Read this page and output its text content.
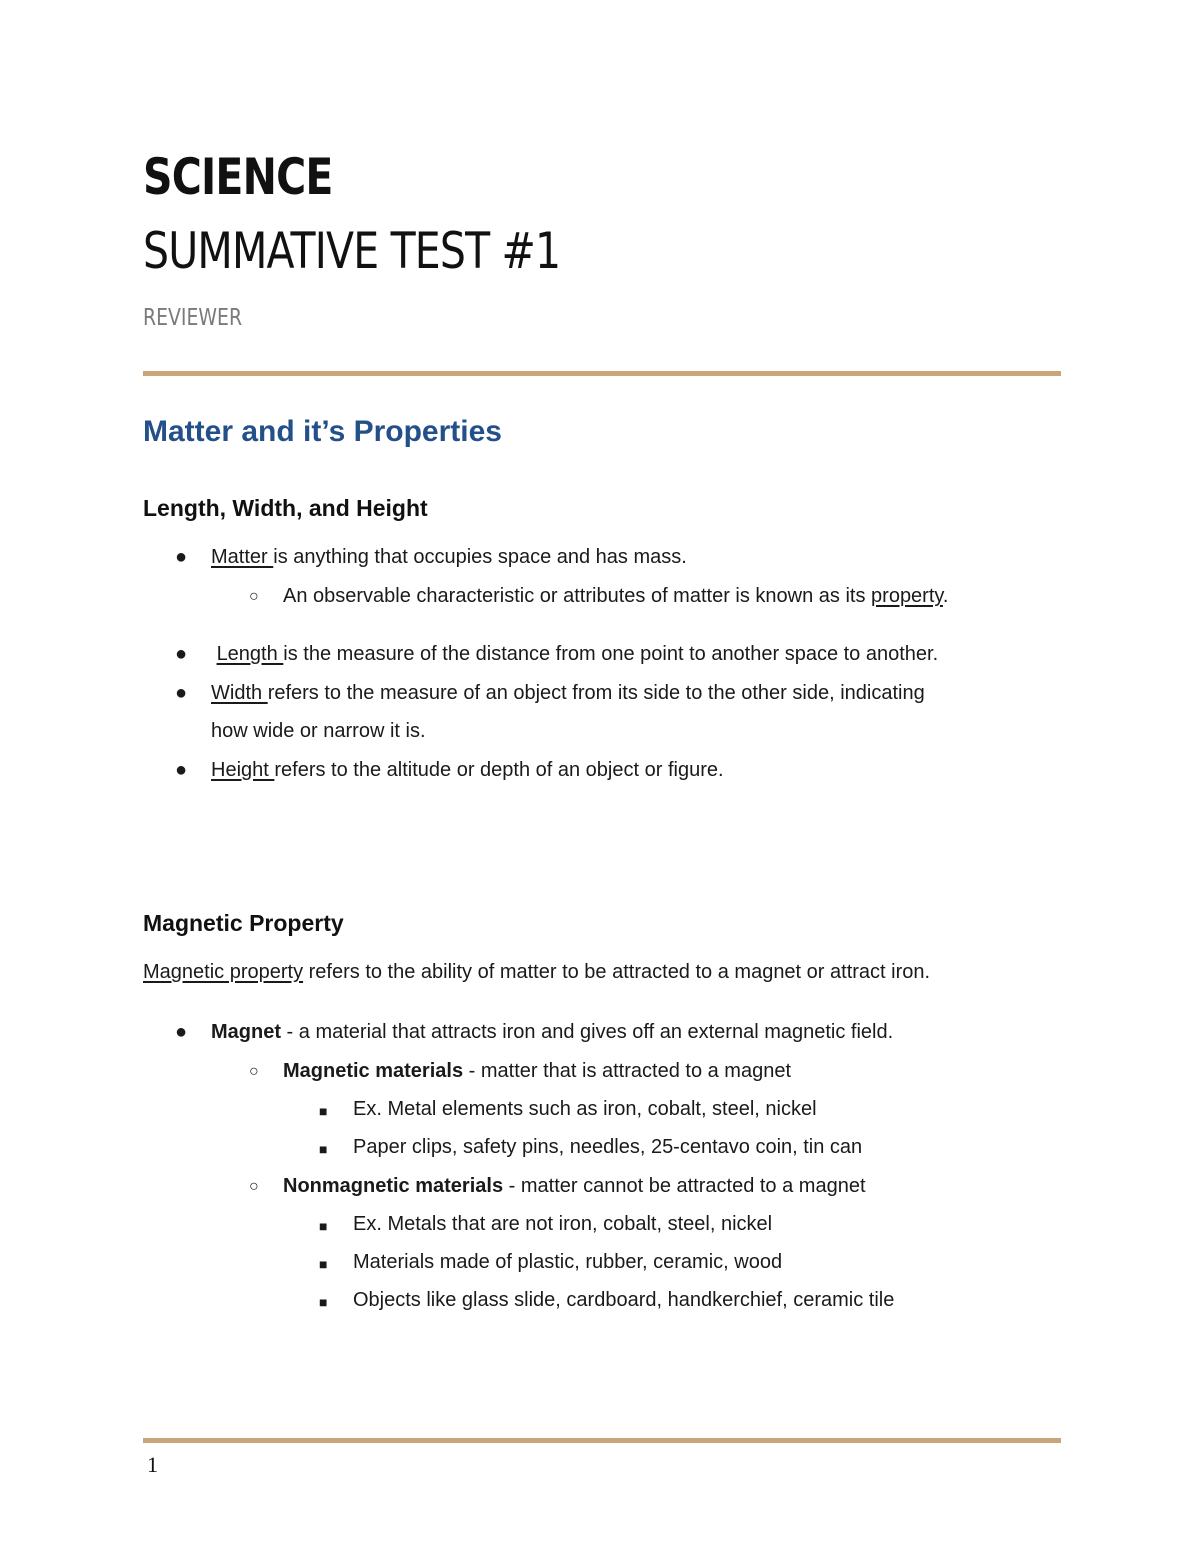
SCIENCE
SUMMATIVE TEST #1

REVIEWER

Matter and it’s Properties
Length, Width, and Height
● Matter is anything that occupies space and has mass.
○ An observable characteristic or attributes of matter is known as its property.
● Length is the measure of the distance from one point to another space to another.
● Width refers to the measure of an object from its side to the other side, indicating
how wide or narrow it is.
● Height refers to the altitude or depth of an object or figure.
Magnetic Property
Magnetic property refers to the ability of matter to be attracted to a magnet or attract iron.
● Magnet - a material that attracts iron and gives off an external magnetic field.
○ Magnetic materials - matter that is attracted to a magnet
■ Ex. Metal elements such as iron, cobalt, steel, nickel
■ Paper clips, safety pins, needles, 25-centavo coin, tin can
○ Nonmagnetic materials - matter cannot be attracted to a magnet
■ Ex. Metals that are not iron, cobalt, steel, nickel
■ Materials made of plastic, rubber, ceramic, wood
■ Objects like glass slide, cardboard, handkerchief, ceramic tile
1
